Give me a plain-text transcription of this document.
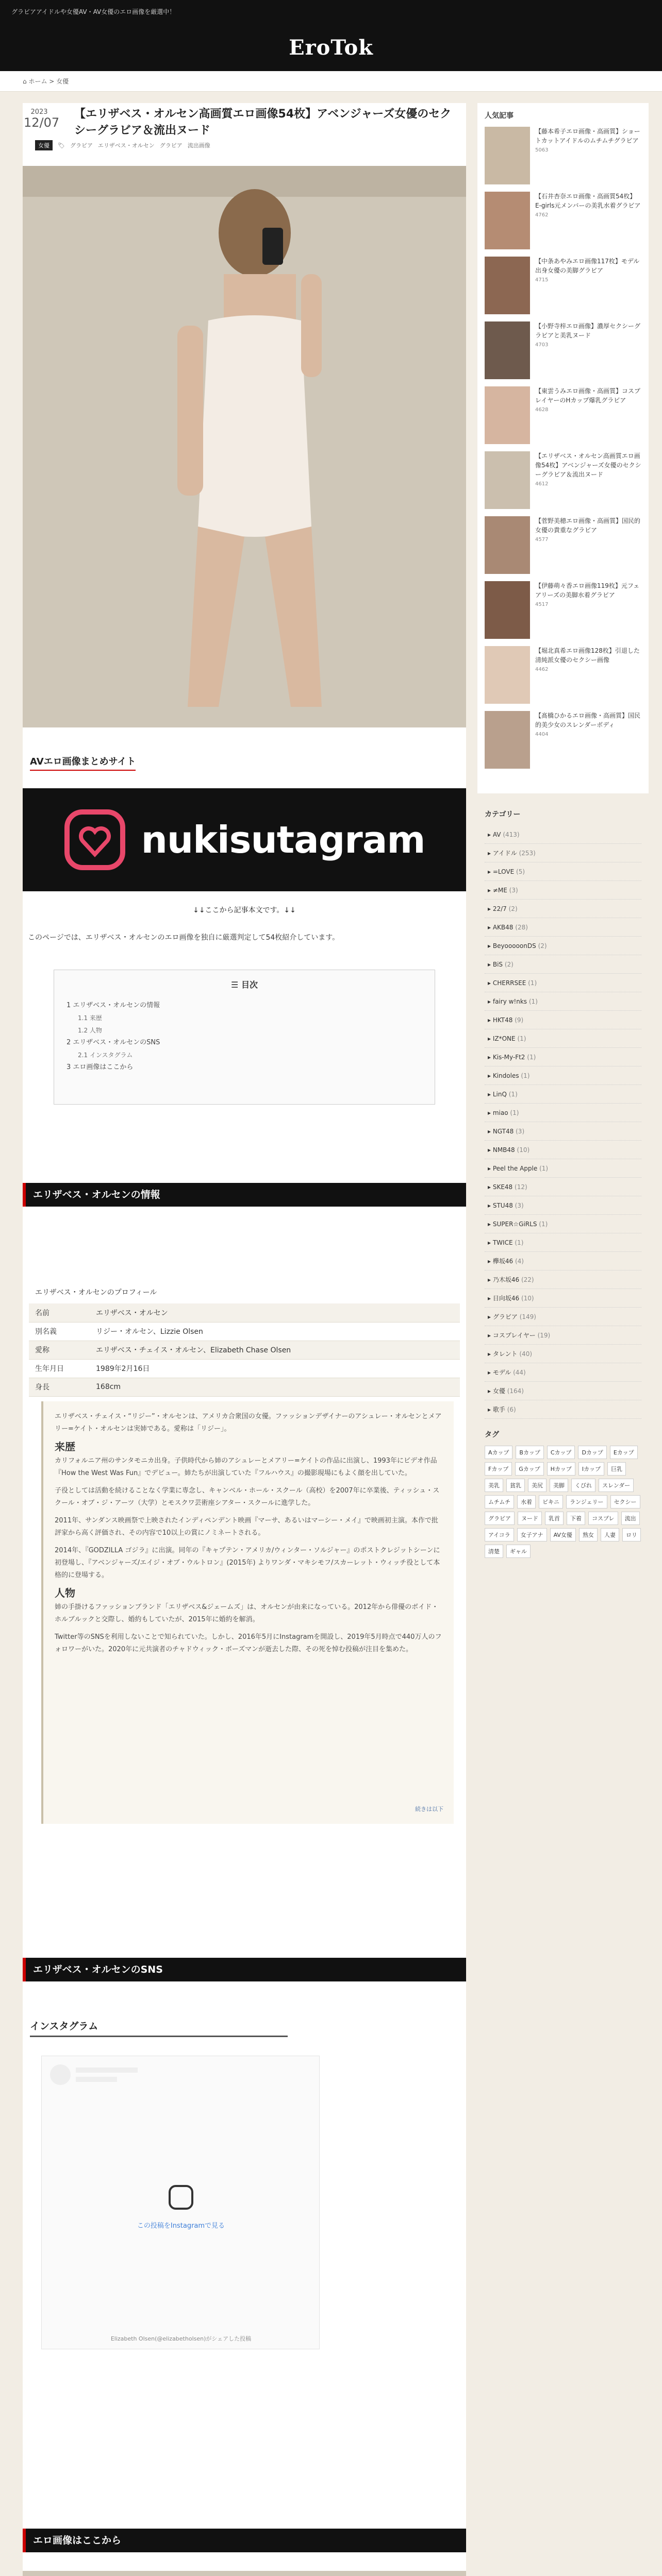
グラビアアイドルや女優AV・AV女優のエロ画像を厳選中！
EroTok
⌂ ホーム > 女優
2023
12/07
【エリザベス・オルセン高画質エロ画像54枚】アベンジャーズ女優のセクシーグラビア＆流出ヌード
女優	🏷 グラビア エリザベス・オルセン グラビア 流出画像
AVエロ画像まとめサイト
nukisutagram
↓↓ここから記事本文です。↓↓
このページでは、エリザベス・オルセンのエロ画像を独自に厳選判定して54枚紹介しています。
☰ 目次
1 エリザベス・オルセンの情報
1.1 来歴
1.2 人物
2 エリザベス・オルセンのSNS
2.1 インスタグラム
3 エロ画像はここから
エリザベス・オルセンの情報
エリザベス・オルセンのプロフィール
名前	エリザベス・オルセン
別名義	リジー・オルセン、Lizzie Olsen
愛称	エリザベス・チェイス・オルセン、Elizabeth Chase Olsen
生年月日	1989年2月16日
身長	168cm

エリザベス・チェイス・“リジー”・オルセンは、アメリカ合衆国の女優。ファッションデザイナーのアシュレー・オルセンとメアリー=ケイト・オルセンは実姉である。愛称は「リジー」。

来歴

カリフォルニア州のサンタモニカ出身。子供時代から姉のアシュレーとメアリー=ケイトの作品に出演し、1993年にビデオ作品『How the West Was Fun』でデビュー。姉たちが出演していた『フルハウス』の撮影現場にもよく顔を出していた。

子役としては活動を続けることなく学業に専念し、キャンベル・ホール・スクール（高校）を2007年に卒業後、ティッシュ・スクール・オブ・ジ・アーツ（大学）とモスクワ芸術座シアター・スクールに進学した。

2011年、サンダンス映画祭で上映されたインディペンデント映画『マーサ、あるいはマーシー・メイ』で映画初主演。本作で批評家から高く評価され、その内容で10以上の賞にノミネートされる。

2014年、『GODZILLA ゴジラ』に出演。同年の『キャプテン・アメリカ/ウィンター・ソルジャー』のポストクレジットシーンに初登場し、『アベンジャーズ/エイジ・オブ・ウルトロン』(2015年) よりワンダ・マキシモフ/スカーレット・ウィッチ役として本格的に登場する。

人物

姉の手掛けるファッションブランド「エリザベス&ジェームズ」は、オルセンが由来になっている。2012年から俳優のボイド・ホルブルックと交際し、婚約もしていたが、2015年に婚約を解消。

Twitter等のSNSを利用しないことで知られていた。しかし、2016年5月にInstagramを開設し、2019年5月時点で440万人のフォロワーがいた。2020年に元共演者のチャドウィック・ボーズマンが逝去した際、その死を悼む投稿が注目を集めた。

続きは以下
エリザベス・オルセンのSNS
インスタグラム
この投稿をInstagramで見る
Elizabeth Olsen(@elizabetholsen)がシェアした投稿
エロ画像はここから
人気記事
【藤本希子エロ画像・高画質】ショートカットアイドルのムチムチグラビア
5063
【石井杏奈エロ画像・高画質54枚】E-girls元メンバーの美乳水着グラビア
4762
【中条あやみエロ画像117枚】モデル出身女優の美脚グラビア
4715
【小野寺梓エロ画像】濃厚セクシーグラビアと美乳ヌード
4703
【東雲うみエロ画像・高画質】コスプレイヤーのHカップ爆乳グラビア
4628
【エリザベス・オルセン高画質エロ画像54枚】アベンジャーズ女優のセクシーグラビア＆流出ヌード
4612
【菅野美穂エロ画像・高画質】国民的女優の貴重なグラビア
4577
【伊藤萌々香エロ画像119枚】元フェアリーズの美脚水着グラビア
4517
【堀北真希エロ画像128枚】引退した清純派女優のセクシー画像
4462
【髙橋ひかるエロ画像・高画質】国民的美少女のスレンダーボディ
4404
カテゴリー
▸ AV (413)
▸ アイドル (253)
▸ =LOVE (5)
▸ ≠ME (3)
▸ 22/7 (2)
▸ AKB48 (28)
▸ BeyooooonDS (2)
▸ BiS (2)
▸ CHERRSEE (1)
▸ fairy w!nks (1)
▸ HKT48 (9)
▸ IZ*ONE (1)
▸ Kis-My-Ft2 (1)
▸ Kindoles (1)
▸ LinQ (1)
▸ miao (1)
▸ NGT48 (3)
▸ NMB48 (10)
▸ Peel the Apple (1)
▸ SKE48 (12)
▸ STU48 (3)
▸ SUPER☆GiRLS (1)
▸ TWICE (1)
▸ 欅坂46 (4)
▸ 乃木坂46 (22)
▸ 日向坂46 (10)
▸ グラビア (149)
▸ コスプレイヤー (19)
▸ タレント (40)
▸ モデル (44)
▸ 女優 (164)
▸ 歌手 (6)
タグ
Aカップ	Bカップ	Cカップ	Dカップ	Eカップ
Fカップ	Gカップ	Hカップ	Iカップ	巨乳
美乳	貧乳	美尻	美脚	くびれ	スレンダー
ムチムチ	水着	ビキニ	ランジェリー	セクシー
グラビア	ヌード	乳首	下着	コスプレ	流出
アイコラ	女子アナ	AV女優	熟女	人妻	ロリ
清楚	ギャル
